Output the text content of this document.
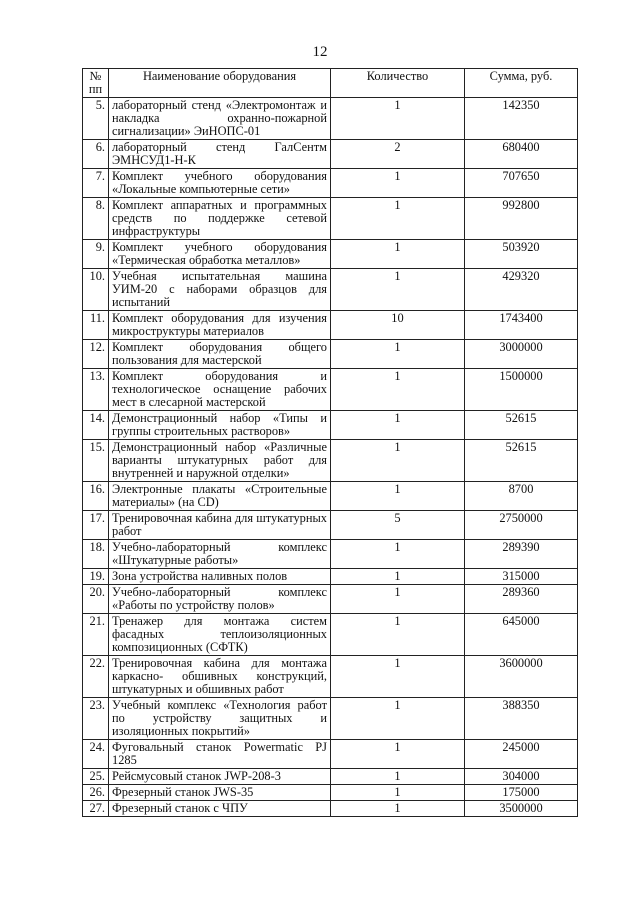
12
№ пп	Наименование оборудования	Количество	Сумма, руб.
5.	лабораторный стенд «Электромонтаж и накладка охранно-пожарной сигнализации» ЭиНОПС-01	1	142350
6.	лабораторный стенд ГалСентм ЭМНСУД1-Н-К	2	680400
7.	Комплект учебного оборудования «Локальные компьютерные сети»	1	707650
8.	Комплект аппаратных и программных средств по поддержке сетевой инфраструктуры	1	992800
9.	Комплект учебного оборудования «Термическая обработка металлов»	1	503920
10.	Учебная испытательная машина УИМ-20 с наборами образцов для испытаний	1	429320
11.	Комплект оборудования для изучения микроструктуры материалов	10	1743400
12.	Комплект оборудования общего пользования для мастерской	1	3000000
13.	Комплект оборудования и технологическое оснащение рабочих мест в слесарной мастерской	1	1500000
14.	Демонстрационный набор «Типы и группы строительных растворов»	1	52615
15.	Демонстрационный набор «Различные варианты штукатурных работ для внутренней и наружной отделки»	1	52615
16.	Электронные плакаты «Строительные материалы» (на CD)	1	8700
17.	Тренировочная кабина для штукатурных работ	5	2750000
18.	Учебно-лабораторный комплекс «Штукатурные работы»	1	289390
19.	Зона устройства наливных полов	1	315000
20.	Учебно-лабораторный комплекс «Работы по устройству полов»	1	289360
21.	Тренажер для монтажа систем фасадных теплоизоляционных композиционных (СФТК)	1	645000
22.	Тренировочная кабина для монтажа каркасно- обшивных конструкций, штукатурных и обшивных работ	1	3600000
23.	Учебный комплекс «Технология работ по устройству защитных и изоляционных покрытий»	1	388350
24.	Фуговальный станок Powermatic PJ 1285	1	245000
25.	Рейсмусовый станок JWP-208-3	1	304000
26.	Фрезерный станок JWS-35	1	175000
27.	Фрезерный станок с ЧПУ	1	3500000
